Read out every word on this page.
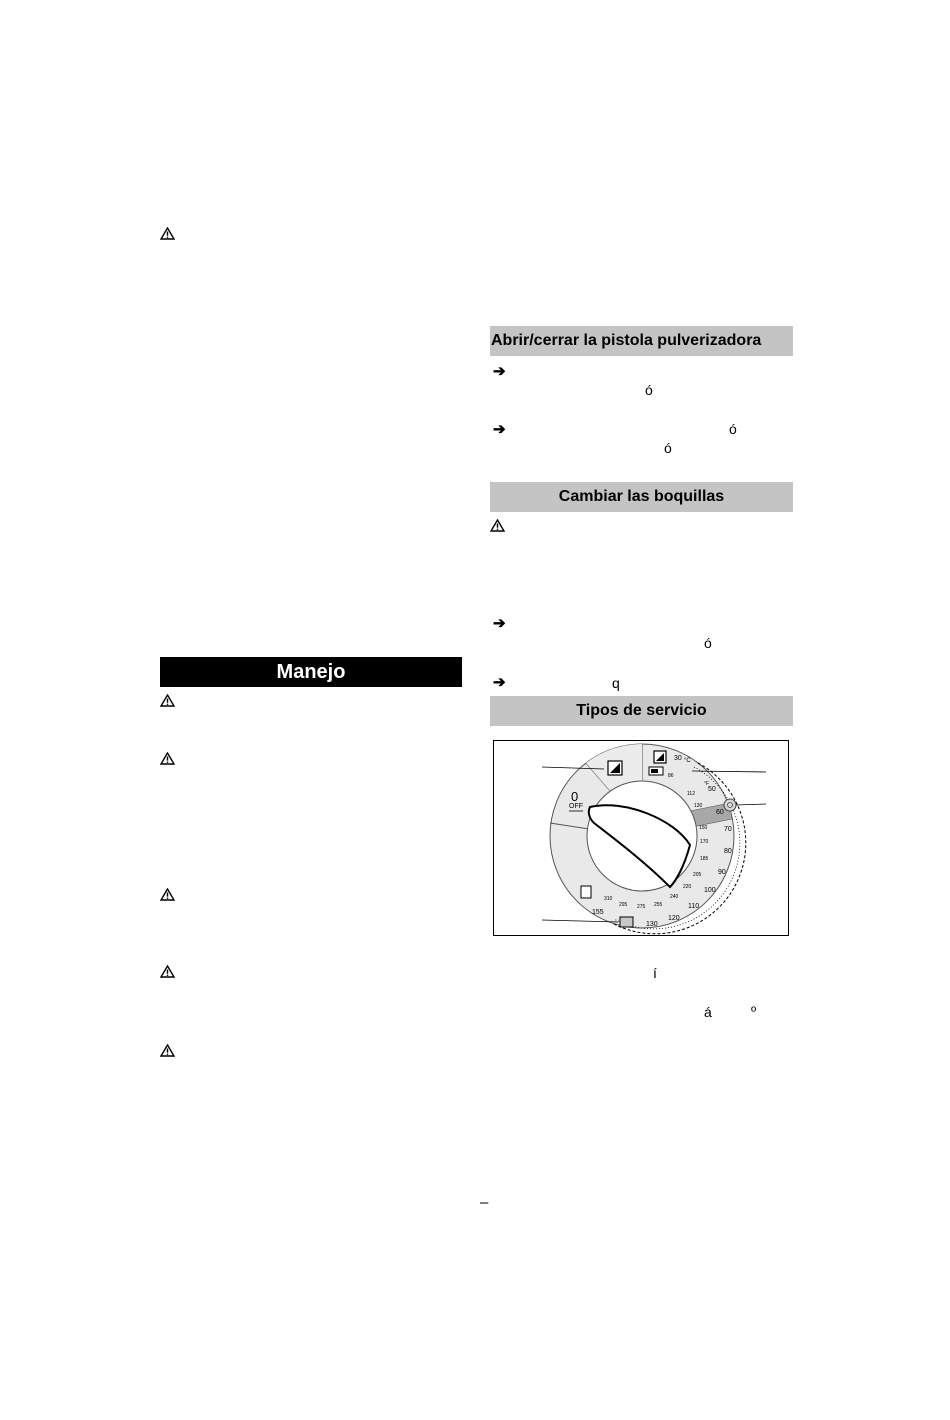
Manejo
Abrir/cerrar la pistola pulverizadora
➔
ó
➔	ó
ó
Cambiar las boquillas
➔
ó
➔	q
Tipos de servicio
0
OFF
°C
°F
30
50
60
70
80
90
100
110
120
130
86
112
130
150
170
185
205
220
240
255
275
295
310
155
í
á	º
–
